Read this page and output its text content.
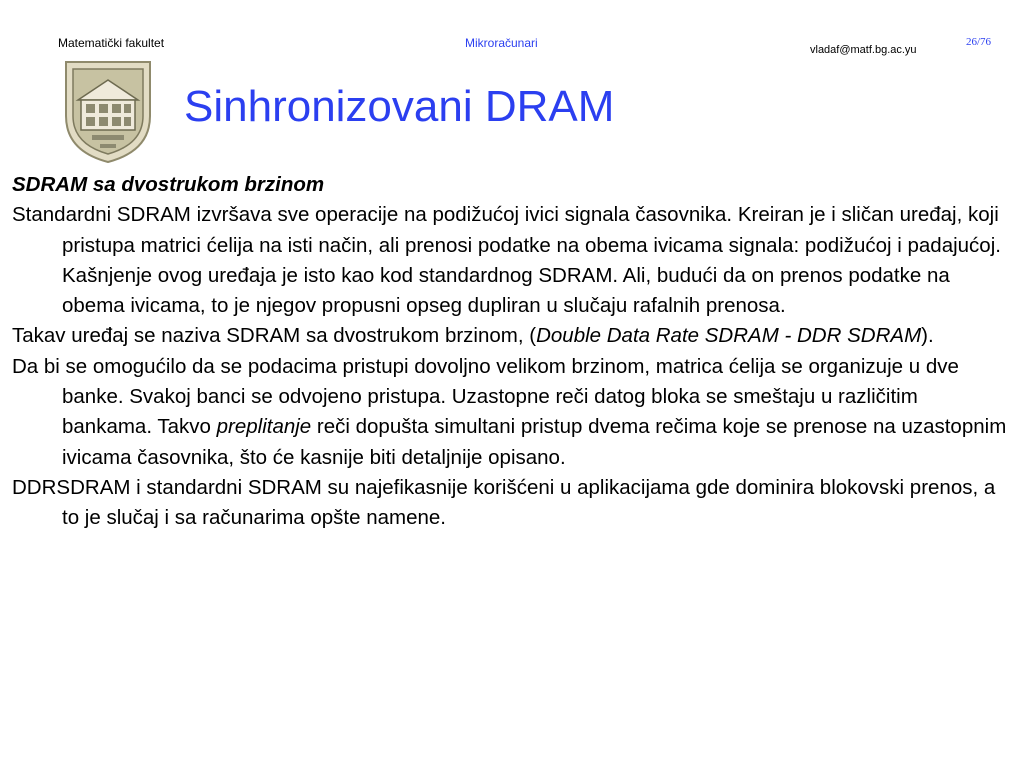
Matematički fakultet	Mikroračunari	vladaf@matf.bg.ac.yu
26/76
Sinhronizovani DRAM

SDRAM sa dvostrukom brzinom

Standardni SDRAM izvršava sve operacije na podižućoj ivici signala časovnika. Kreiran je i sličan uređaj, koji pristupa matrici ćelija na isti način, ali prenosi podatke na obema ivicama signala: podižućoj i padajućoj. Kašnjenje ovog uređaja je isto kao kod standardnog SDRAM. Ali, budući da on prenos podatke na obema ivicama, to je njegov propusni opseg dupliran u slučaju rafalnih prenosa.

Takav uređaj se naziva SDRAM sa dvostrukom brzinom, (Double Data Rate SDRAM - DDR SDRAM).

Da bi se omogućilo da se podacima pristupi dovoljno velikom brzinom, matrica ćelija se organizuje u dve banke. Svakoj banci se odvojeno pristupa. Uzastopne reči datog bloka se smeštaju u različitim bankama. Takvo preplitanje reči dopušta simultani pristup dvema rečima koje se prenose na uzastopnim ivicama časovnika, što će kasnije biti detaljnije opisano.

DDRSDRAM i standardni SDRAM su najefikasnije korišćeni u aplikacijama gde dominira blokovski prenos, a to je slučaj i sa računarima opšte namene.
